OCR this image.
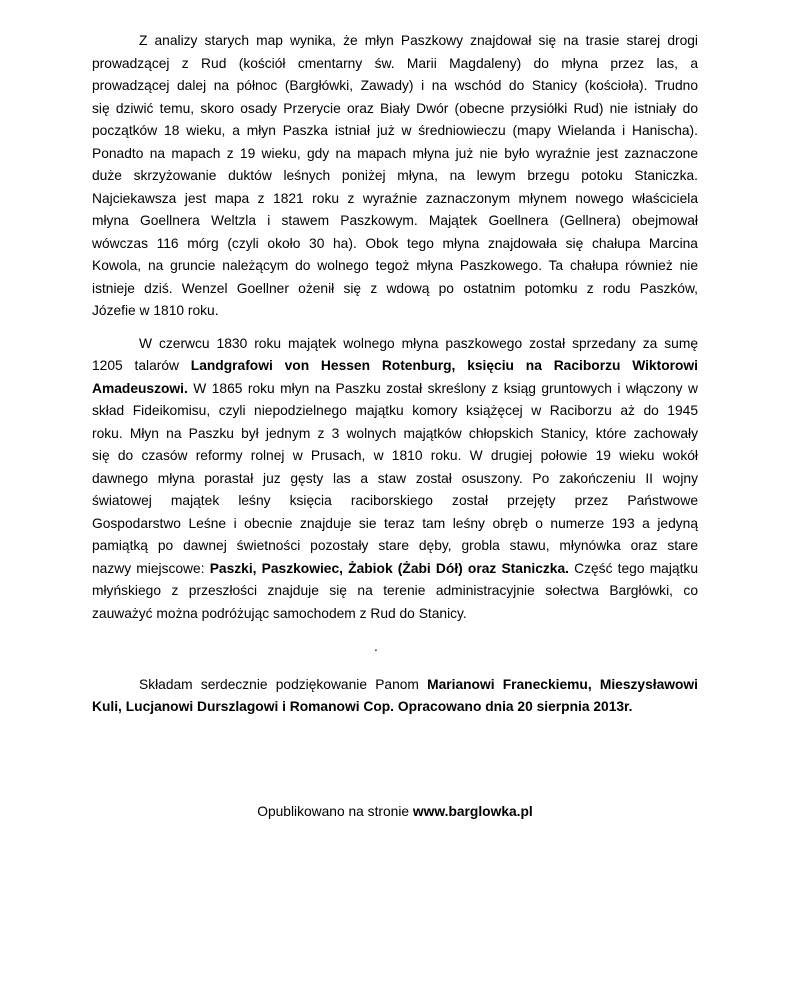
Z analizy starych map wynika, że młyn Paszkowy znajdował się na trasie starej drogi
prowadzącej z Rud (kościół cmentarny św. Marii Magdaleny) do młyna przez las, a
prowadzącej dalej na północ (Bargłówki, Zawady) i na wschód do Stanicy (kościoła). Trudno
się dziwić temu, skoro osady Przerycie oraz Biały Dwór (obecne przysiółki Rud) nie istniały do
początków 18 wieku, a młyn Paszka istniał już w średniowieczu (mapy Wielanda i Hanischa).
Ponadto na mapach z 19 wieku, gdy na mapach młyna już nie było wyraźnie jest zaznaczone
duże skrzyżowanie duktów leśnych poniżej młyna, na lewym brzegu potoku Staniczka.
Najciekawsza jest mapa z 1821 roku z wyraźnie zaznaczonym młynem nowego właściciela
młyna Goellnera Weltzla i stawem Paszkowym. Majątek Goellnera (Gellnera) obejmował
wówczas 116 mórg (czyli około 30 ha). Obok tego młyna znajdowała się chałupa Marcina
Kowola, na gruncie należącym do wolnego tegoż młyna Paszkowego. Ta chałupa również nie
istnieje dziś. Wenzel Goellner ożenił się z wdową po ostatnim potomku z rodu Paszków,
Józefie w 1810 roku.
W czerwcu 1830 roku majątek wolnego młyna paszkowego został sprzedany za sumę
1205 talarów Landgrafowi von Hessen Rotenburg, księciu na Raciborzu Wiktorowi
Amadeuszowi. W 1865 roku młyn na Paszku został skreślony z ksiąg gruntowych i włączony w
skład Fideikomisu, czyli niepodzielnego majątku komory książęcej w Raciborzu aż do 1945
roku. Młyn na Paszku był jednym z 3 wolnych majątków chłopskich Stanicy, które zachowały
się do czasów reformy rolnej w Prusach, w 1810 roku. W drugiej połowie 19 wieku wokół
dawnego młyna porastał juz gęsty las a staw został osuszony. Po zakończeniu II wojny
światowej majątek leśny księcia raciborskiego został przejęty przez Państwowe
Gospodarstwo Leśne i obecnie znajduje sie teraz tam leśny obręb o numerze 193 a jedyną
pamiątką po dawnej świetności pozostały stare dęby, grobla stawu, młynówka oraz stare
nazwy miejscowe: Paszki, Paszkowiec, Żabiok (Żabi Dół) oraz Staniczka. Część tego majątku
młyńskiego z przeszłości znajduje się na terenie administracyjnie sołectwa Bargłówki, co
zauważyć można podróżując samochodem z Rud do Stanicy.
.
Składam serdecznie podziękowanie Panom Marianowi Franeckiemu, Mieszysławowi
Kuli, Lucjanowi Durszlagowi i Romanowi Cop. Opracowano dnia 20 sierpnia 2013r.
Opublikowano na stronie www.barglowka.pl
